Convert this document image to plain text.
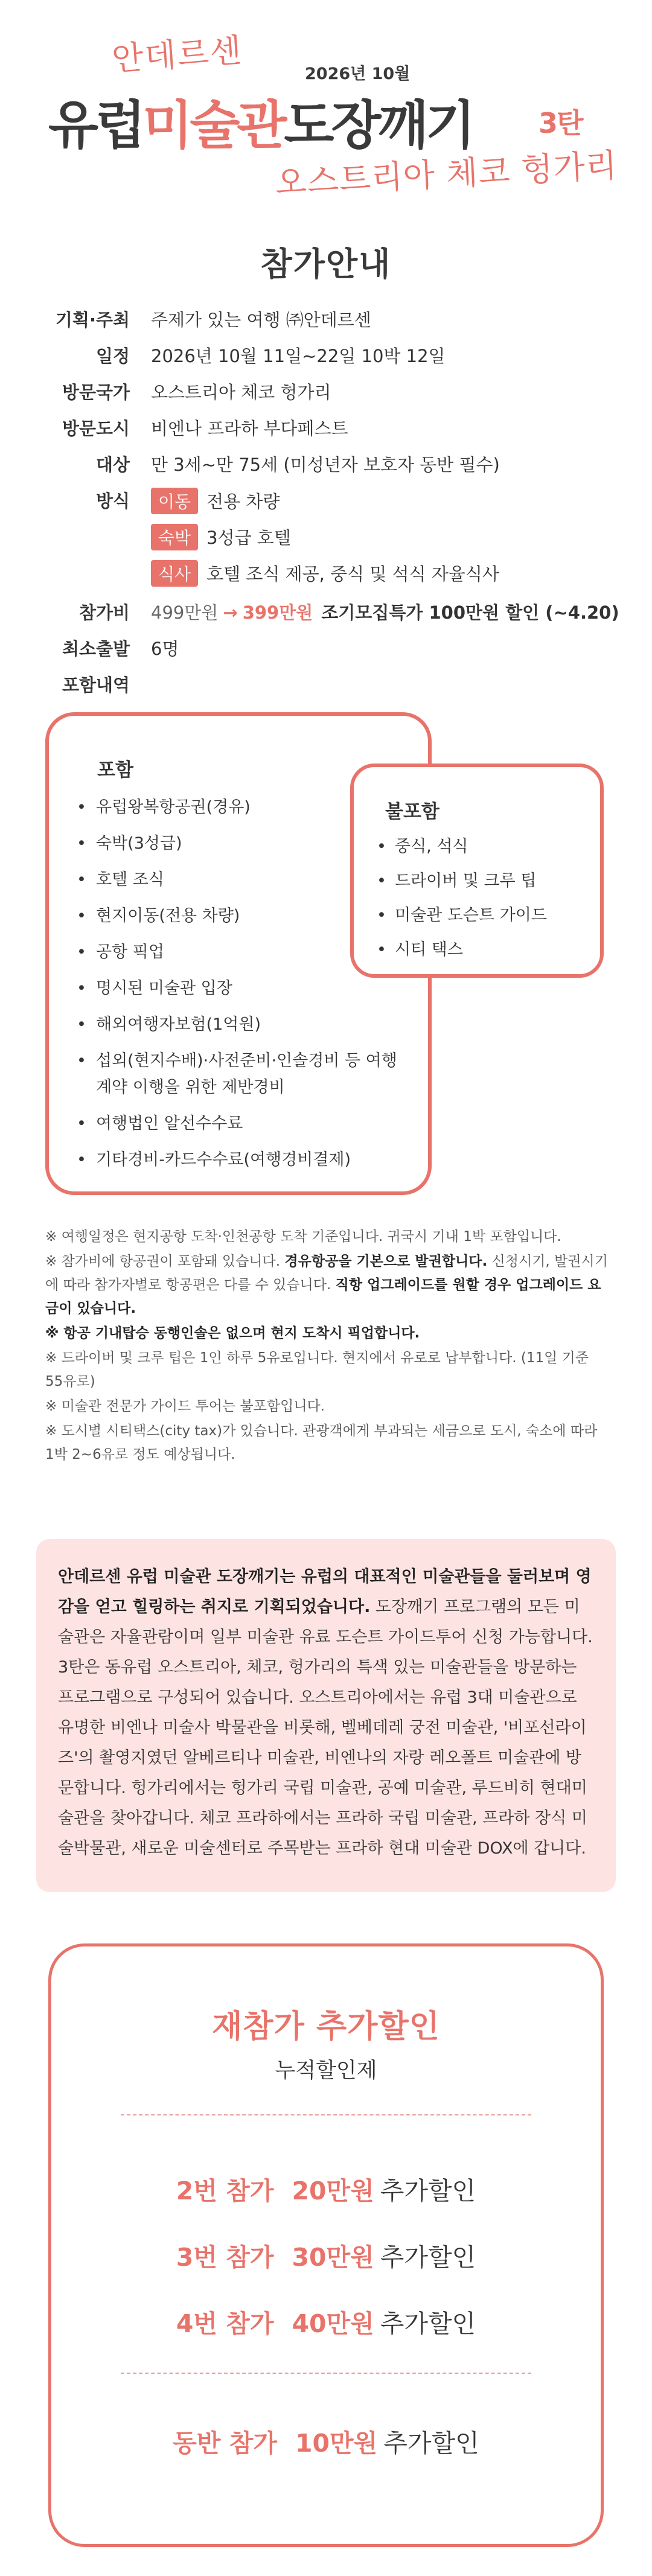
안데르센	2026년 10월
유럽미술관도장깨기 3탄
오스트리아 체코 헝가리
참가안내
기획·주최 주제가 있는 여행 ㈜안데르센
일정 2026년 10월 11일~22일 10박 12일
방문국가 오스트리아 체코 헝가리
방문도시 비엔나 프라하 부다페스트
대상 만 3세~만 75세 (미성년자 보호자 동반 필수)
방식	이동 전용 차량
숙박 3성급 호텔
식사 호텔 조식 제공, 중식 및 석식 자율식사
참가비 499만원 → 399만원 조기모집특가 100만원 할인 (~4.20)
최소출발 6명
포함내역
포함
• 유럽왕복항공권(경유)
• 숙박(3성급)
• 호텔 조식
• 현지이동(전용 차량)
• 공항 픽업
• 명시된 미술관 입장
• 해외여행자보험(1억원)
• 섭외(현지수배)·사전준비·인솔경비 등 여행계약 이행을 위한 제반경비
• 여행법인 알선수수료
• 기타경비-카드수수료(여행경비결제)
불포함
• 중식, 석식
• 드라이버 및 크루 팁
• 미술관 도슨트 가이드
• 시티 택스

※ 여행일정은 현지공항 도착·인천공항 도착 기준입니다. 귀국시 기내 1박 포함입니다.

※ 참가비에 항공권이 포함돼 있습니다. 경유항공을 기본으로 발권합니다. 신청시기, 발권시기에 따라 참가자별로 항공편은 다를 수 있습니다. 직항 업그레이드를 원할 경우 업그레이드 요금이 있습니다.

※ 항공 기내탑승 동행인솔은 없으며 현지 도착시 픽업합니다.

※ 드라이버 및 크루 팁은 1인 하루 5유로입니다. 현지에서 유로로 납부합니다. (11일 기준 55유로)

※ 미술관 전문가 가이드 투어는 불포함입니다.

※ 도시별 시티택스(city tax)가 있습니다. 관광객에게 부과되는 세금으로 도시, 숙소에 따라 1박 2~6유로 정도 예상됩니다.

안데르센 유럽 미술관 도장깨기는 유럽의 대표적인 미술관들을 둘러보며 영감을 얻고 힐링하는 취지로 기획되었습니다. 도장깨기 프로그램의 모든 미술관은 자율관람이며 일부 미술관 유료 도슨트 가이드투어 신청 가능합니다. 3탄은 동유럽 오스트리아, 체코, 헝가리의 특색 있는 미술관들을 방문하는 프로그램으로 구성되어 있습니다. 오스트리아에서는 유럽 3대 미술관으로 유명한 비엔나 미술사 박물관을 비롯해, 벨베데레 궁전 미술관, '비포선라이즈'의 촬영지였던 알베르티나 미술관, 비엔나의 자랑 레오폴트 미술관에 방문합니다. 헝가리에서는 헝가리 국립 미술관, 공예 미술관, 루드비히 현대미술관을 찾아갑니다. 체코 프라하에서는 프라하 국립 미술관, 프라하 장식 미술박물관, 새로운 미술센터로 주목받는 프라하 현대 미술관 DOX에 갑니다.
재참가 추가할인
누적할인제
2번 참가 20만원 추가할인
3번 참가 30만원 추가할인
4번 참가 40만원 추가할인
동반 참가 10만원 추가할인
